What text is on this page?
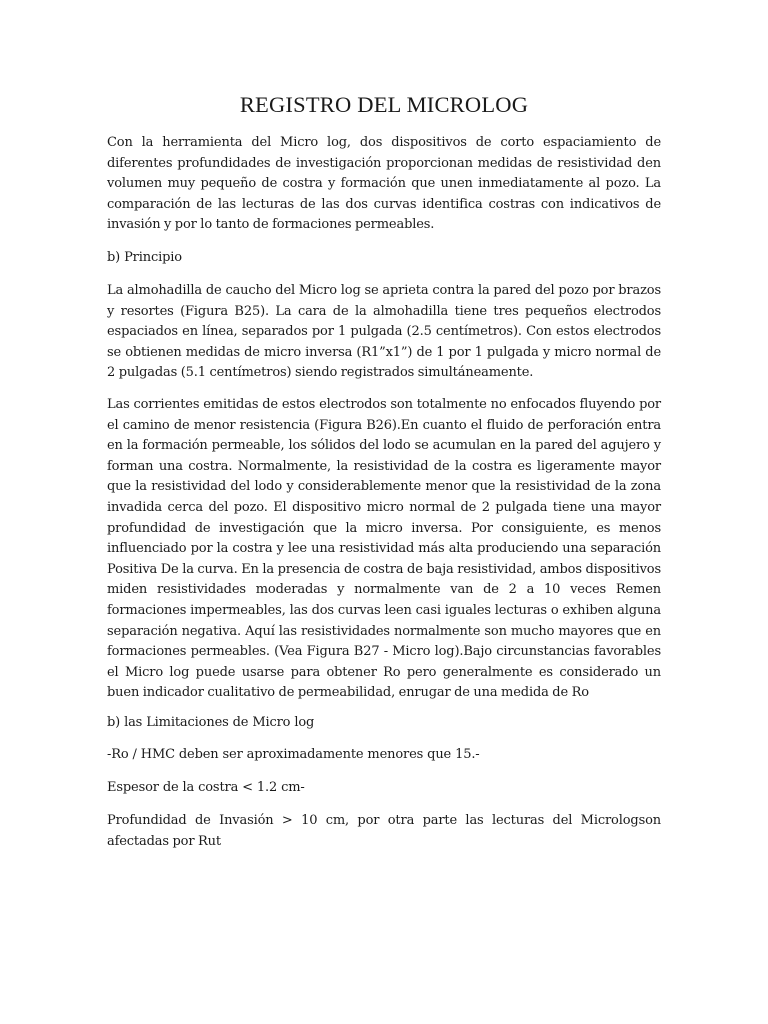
REGISTRO DEL MICROLOG

Con la herramienta del Micro log, dos dispositivos de corto espaciamiento de diferentes profundidades de investigación proporcionan medidas de resistividad den volumen muy pequeño de costra y formación que unen inmediatamente al pozo. La comparación de las lecturas de las dos curvas identifica costras con indicativos de invasión y por lo tanto de formaciones permeables.

b) Principio

La almohadilla de caucho del Micro log se aprieta contra la pared del pozo por brazos y resortes (Figura B25). La cara de la almohadilla tiene tres pequeños electrodos espaciados en línea, separados por 1 pulgada (2.5 centímetros). Con estos electrodos se obtienen medidas de micro inversa (R1”x1”) de 1 por 1 pulgada y micro normal de 2 pulgadas (5.1 centímetros) siendo registrados simultáneamente.

Las corrientes emitidas de estos electrodos son totalmente no enfocados fluyendo por el camino de menor resistencia (Figura B26).En cuanto el fluido de perforación entra en la formación permeable, los sólidos del lodo se acumulan en la pared del agujero y forman una costra. Normalmente, la resistividad de la costra es ligeramente mayor que la resistividad del lodo y considerablemente menor que la resistividad de la zona invadida cerca del pozo. El dispositivo micro normal de 2 pulgada tiene una mayor profundidad de investigación que la micro inversa. Por consiguiente, es menos influenciado por la costra y lee una resistividad más alta produciendo una separación Positiva De la curva. En la presencia de costra de baja resistividad, ambos dispositivos miden resistividades moderadas y normalmente van de 2 a 10 veces Remen formaciones impermeables, las dos curvas leen casi iguales lecturas o exhiben alguna separación negativa. Aquí las resistividades normalmente son mucho mayores que en formaciones permeables. (Vea Figura B27 - Micro log).Bajo circunstancias favorables el Micro log puede usarse para obtener Ro pero generalmente es considerado un buen indicador cualitativo de permeabilidad, enrugar de una medida de Ro

b) las Limitaciones de Micro log

-Ro / HMC deben ser aproximadamente menores que 15.-

Espesor de la costra < 1.2 cm-

Profundidad de Invasión > 10 cm, por otra parte las lecturas del Micrologson afectadas por Rut
